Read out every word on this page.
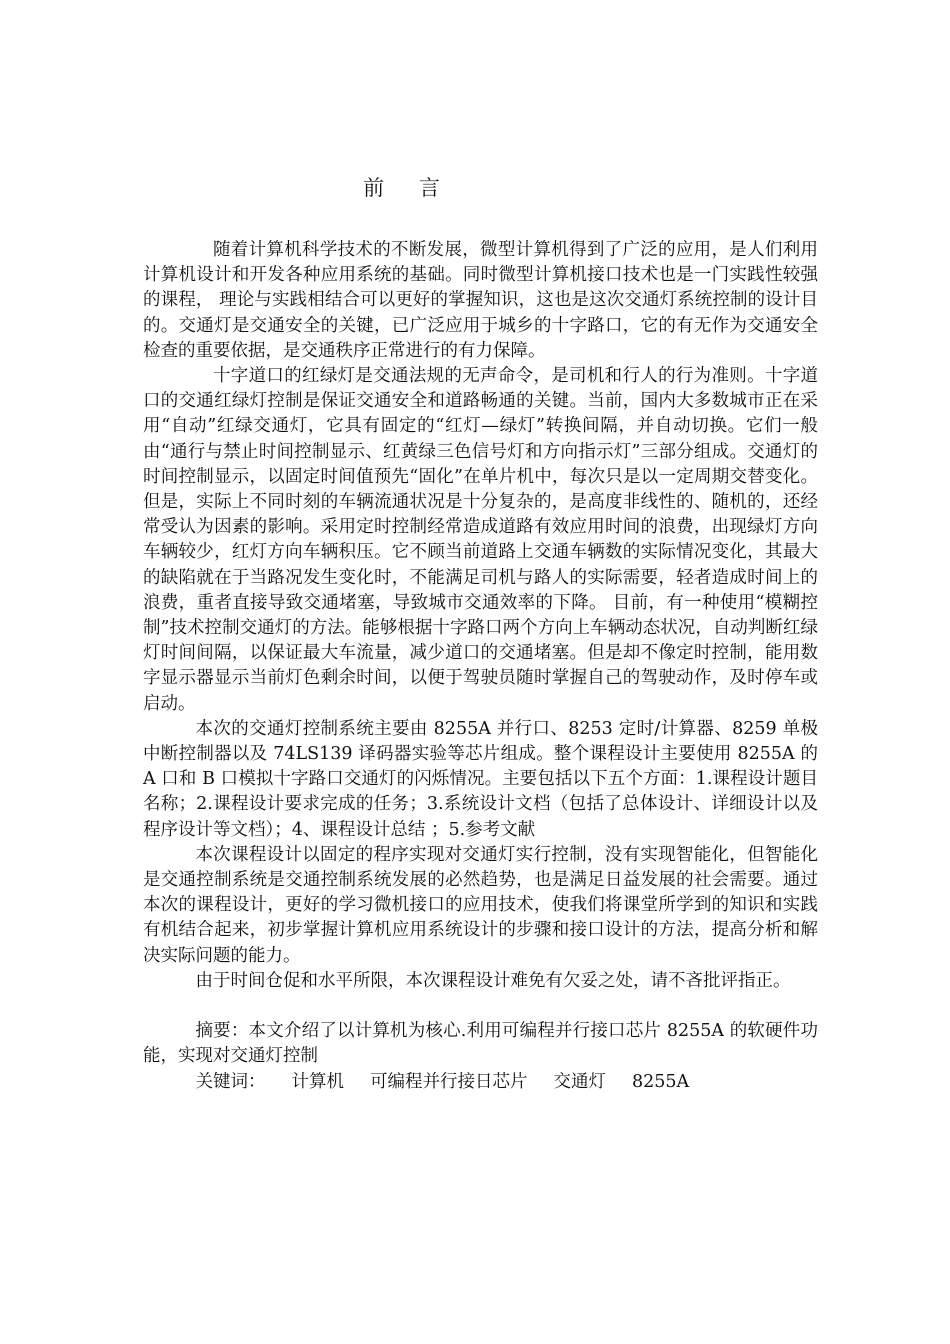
前 言

随着计算机科学技术的不断发展，微型计算机得到了广泛的应用，是人们利用计算机设计和开发各种应用系统的基础。同时微型计算机接口技术也是一门实践性较强的课程， 理论与实践相结合可以更好的掌握知识，这也是这次交通灯系统控制的设计目的。交通灯是交通安全的关键，已广泛应用于城乡的十字路口，它的有无作为交通安全检查的重要依据，是交通秩序正常进行的有力保障。

十字道口的红绿灯是交通法规的无声命令，是司机和行人的行为准则。十字道口的交通红绿灯控制是保证交通安全和道路畅通的关键。当前，国内大多数城市正在采用“自动”红绿交通灯，它具有固定的“红灯—绿灯”转换间隔，并自动切换。它们一般由“通行与禁止时间控制显示、红黄绿三色信号灯和方向指示灯”三部分组成。交通灯的时间控制显示，以固定时间值预先“固化”在单片机中，每次只是以一定周期交替变化。但是，实际上不同时刻的车辆流通状况是十分复杂的，是高度非线性的、随机的，还经常受认为因素的影响。采用定时控制经常造成道路有效应用时间的浪费，出现绿灯方向车辆较少，红灯方向车辆积压。它不顾当前道路上交通车辆数的实际情况变化，其最大的缺陷就在于当路况发生变化时，不能满足司机与路人的实际需要，轻者造成时间上的浪费，重者直接导致交通堵塞，导致城市交通效率的下降。 目前，有一种使用“模糊控制”技术控制交通灯的方法。能够根据十字路口两个方向上车辆动态状况，自动判断红绿灯时间间隔，以保证最大车流量，减少道口的交通堵塞。但是却不像定时控制，能用数字显示器显示当前灯色剩余时间，以便于驾驶员随时掌握自己的驾驶动作，及时停车或启动。

本次的交通灯控制系统主要由 8255A 并行口、8253 定时/计算器、8259 单极中断控制器以及 74LS139 译码器实验等芯片组成。整个课程设计主要使用 8255A 的 A 口和 B 口模拟十字路口交通灯的闪烁情况。主要包括以下五个方面：1.课程设计题目名称；2.课程设计要求完成的任务；3.系统设计文档（包括了总体设计、详细设计以及程序设计等文档）；4、课程设计总结 ；5.参考文献

本次课程设计以固定的程序实现对交通灯实行控制，没有实现智能化，但智能化是交通控制系统是交通控制系统发展的必然趋势，也是满足日益发展的社会需要。通过本次的课程设计，更好的学习微机接口的应用技术，使我们将课堂所学到的知识和实践有机结合起来，初步掌握计算机应用系统设计的步骤和接口设计的方法，提高分析和解决实际问题的能力。

由于时间仓促和水平所限，本次课程设计难免有欠妥之处，请不吝批评指正。

摘要：本文介绍了以计算机为核心.利用可编程并行接口芯片 8255A 的软硬件功能，实现对交通灯控制

关键词： 计算机 可编程并行接日芯片 交通灯 8255A
